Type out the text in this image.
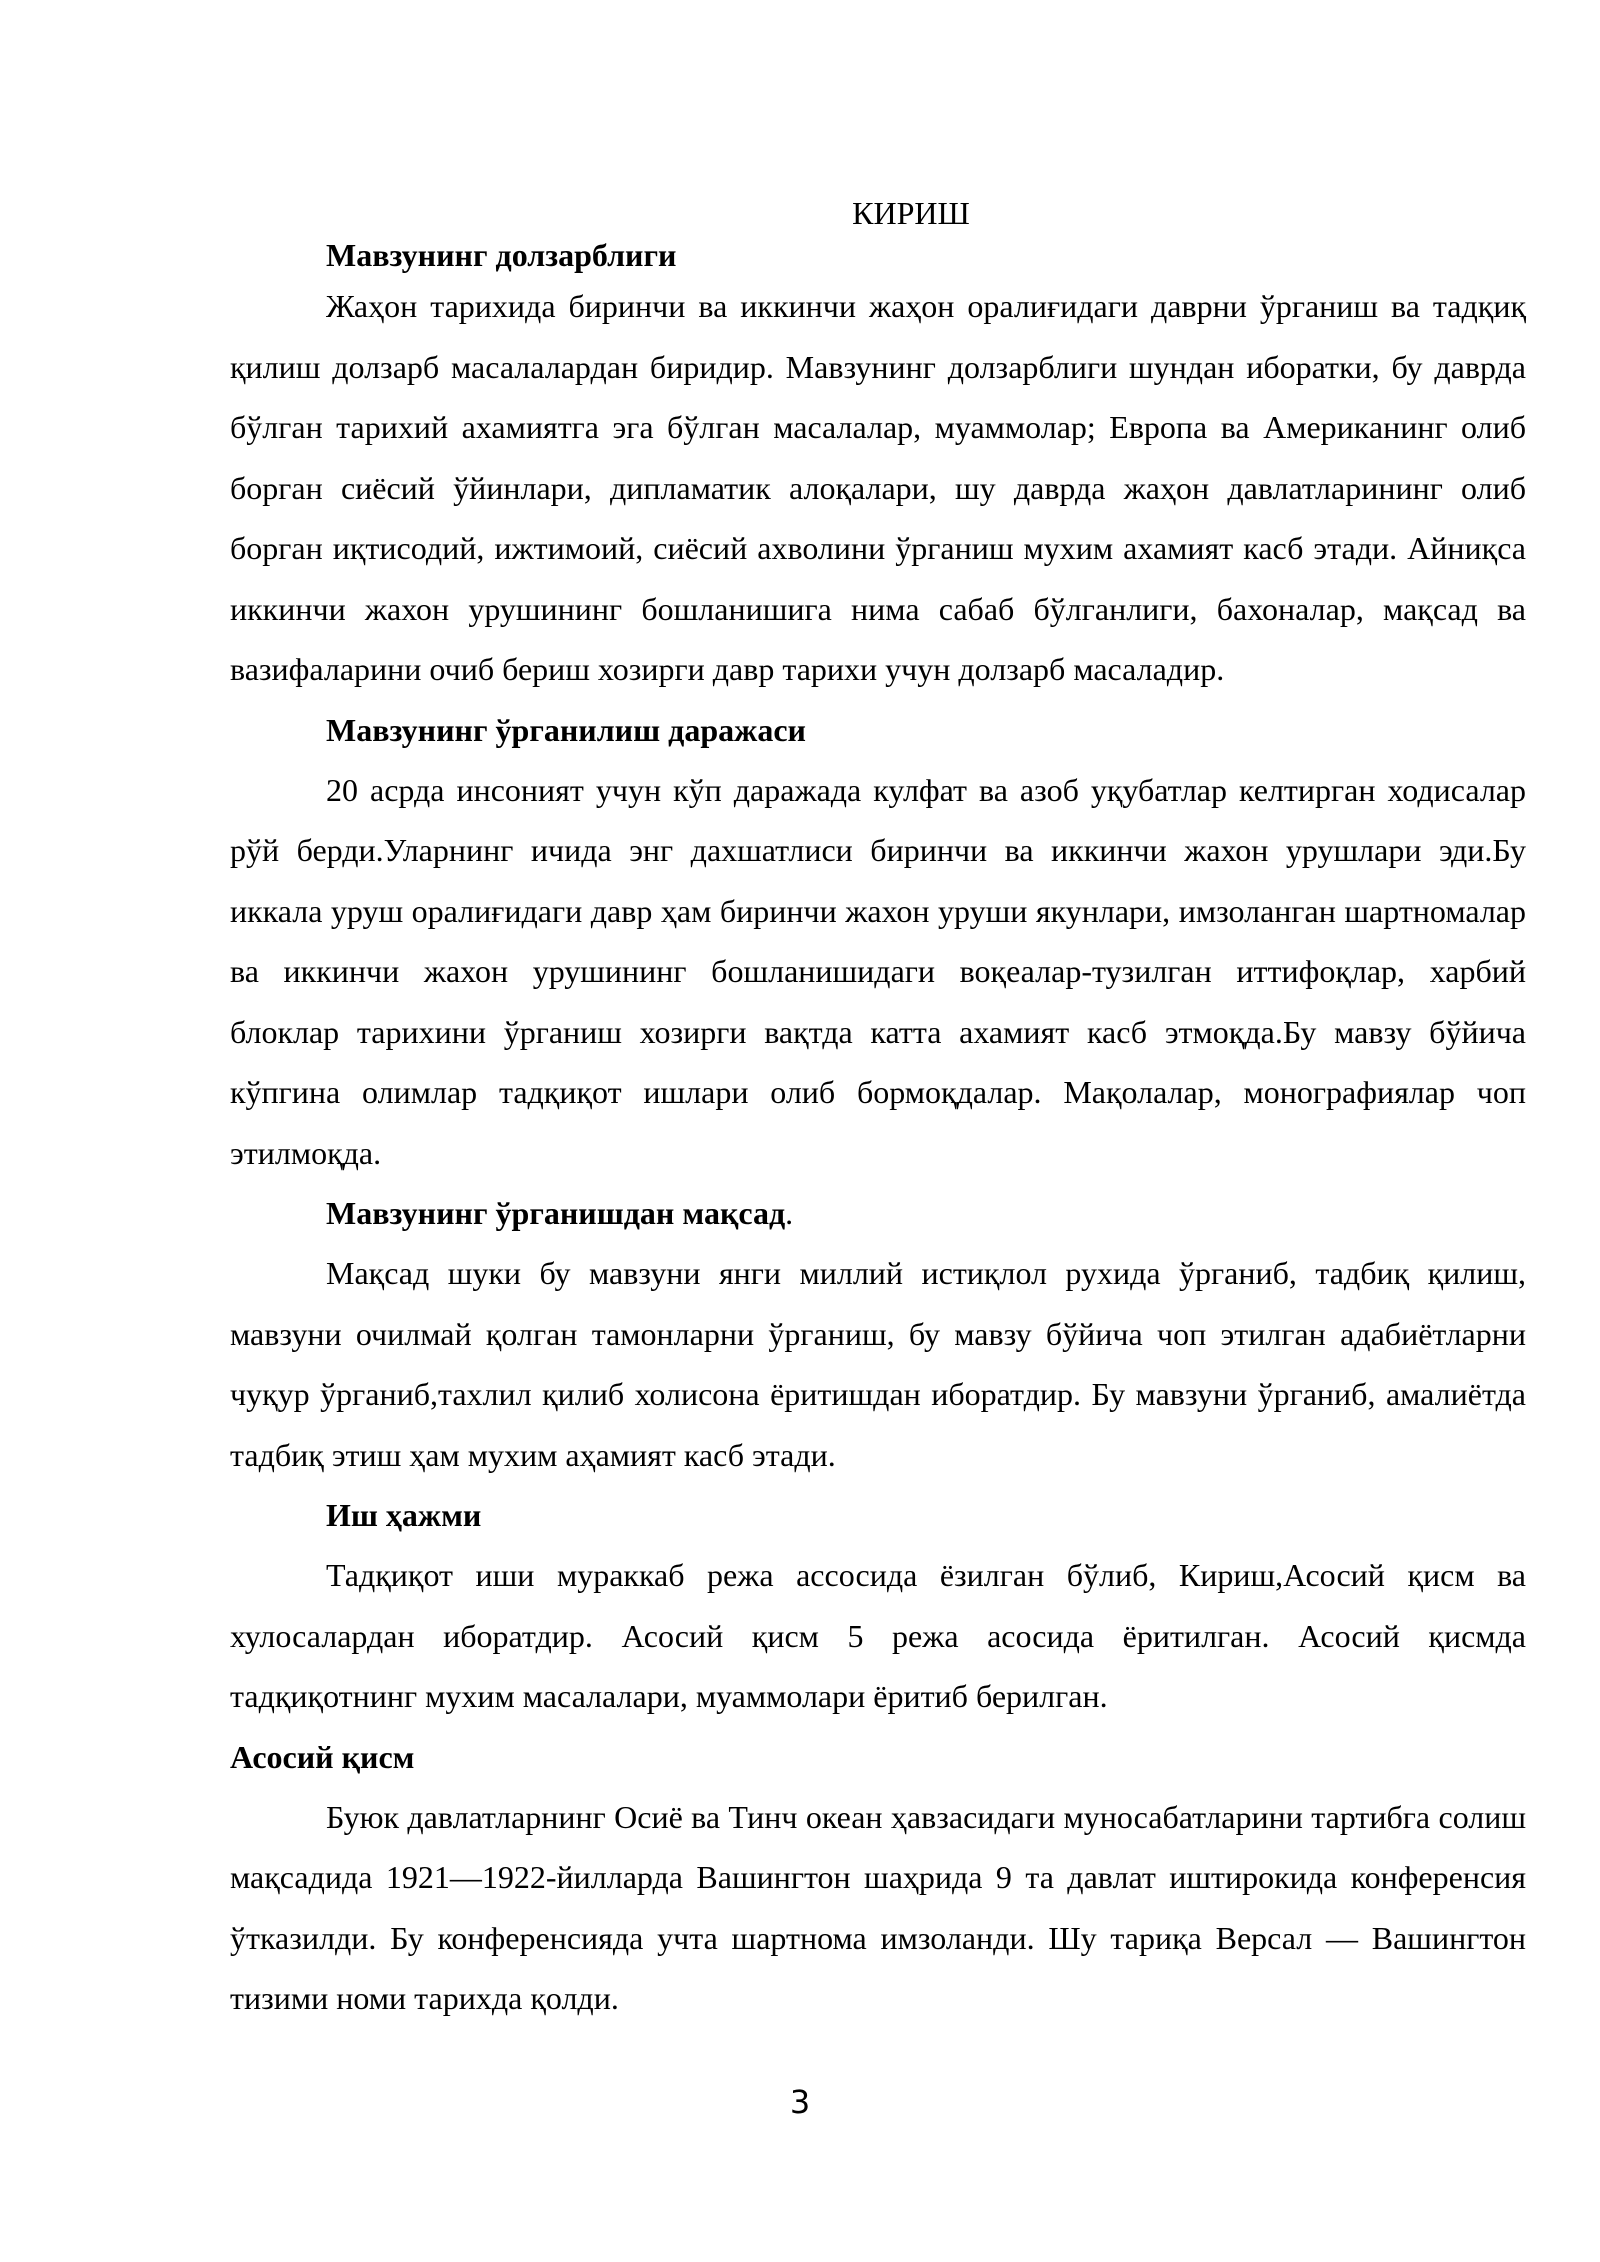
КИРИШ

Мавзунинг долзарблиги

Жаҳон тарихида биринчи ва иккинчи жаҳон оралиғидаги даврни ўрганиш ва тадқиқ қилиш долзарб масалалардан биридир. Мавзунинг долзарблиги шундан иборатки, бу даврда бўлган тарихий ахамиятга эга бўлган масалалар, муаммолар; Европа ва Американинг олиб борган сиёсий ўйинлари, дипламатик алоқалари, шу даврда жаҳон давлатларининг олиб борган иқтисодий, ижтимоий, сиёсий ахволини ўрганиш мухим ахамият касб этади. Айниқса иккинчи жахон урушининг бошланишига нима сабаб бўлганлиги, бахоналар, мақсад ва вазифаларини очиб бериш хозирги давр тарихи учун долзарб масаладир.

Мавзунинг ўрганилиш даражаси

20 асрда инсоният учун кўп даражада кулфат ва азоб уқубатлар келтирган ходисалар рўй берди.Уларнинг ичида энг дахшатлиси биринчи ва иккинчи жахон урушлари эди.Бу иккала уруш оралиғидаги давр ҳам биринчи жахон уруши якунлари, имзоланган шартномалар ва иккинчи жахон урушининг бошланишидаги воқеалар-тузилган иттифоқлар, харбий блоклар тарихини ўрганиш хозирги вақтда катта ахамият касб этмоқда.Бу мавзу бўйича кўпгина олимлар тадқиқот ишлари олиб бормоқдалар. Мақолалар, монографиялар чоп этилмоқда.

Мавзунинг ўрганишдан мақсад.

Мақсад шуки бу мавзуни янги миллий истиқлол рухида ўрганиб, тадбиқ қилиш, мавзуни очилмай қолган тамонларни ўрганиш, бу мавзу бўйича чоп этилган адабиётларни чуқур ўрганиб,тахлил қилиб холисона ёритишдан иборатдир. Бу мавзуни ўрганиб, амалиётда тадбиқ этиш ҳам мухим аҳамият касб этади.

Иш ҳажми

Тадқиқот иши мураккаб режа ассосида ёзилган бўлиб, Кириш,Асосий қисм ва хулосалардан иборатдир. Асосий қисм 5 режа асосида ёритилган. Асосий қисмда тадқиқотнинг мухим масалалари, муаммолари ёритиб берилган.

Асосий қисм

Буюк давлатларнинг Осиё ва Тинч океан ҳавзасидаги муносабатларини тартибга солиш мақсадида 1921—1922-йилларда Вашингтон шаҳрида 9 та давлат иштирокида конференсия ўтказилди. Бу конференсияда учта шартнома имзоланди. Шу тариқа Версал — Вашингтон тизими номи тарихда қолди.

3
